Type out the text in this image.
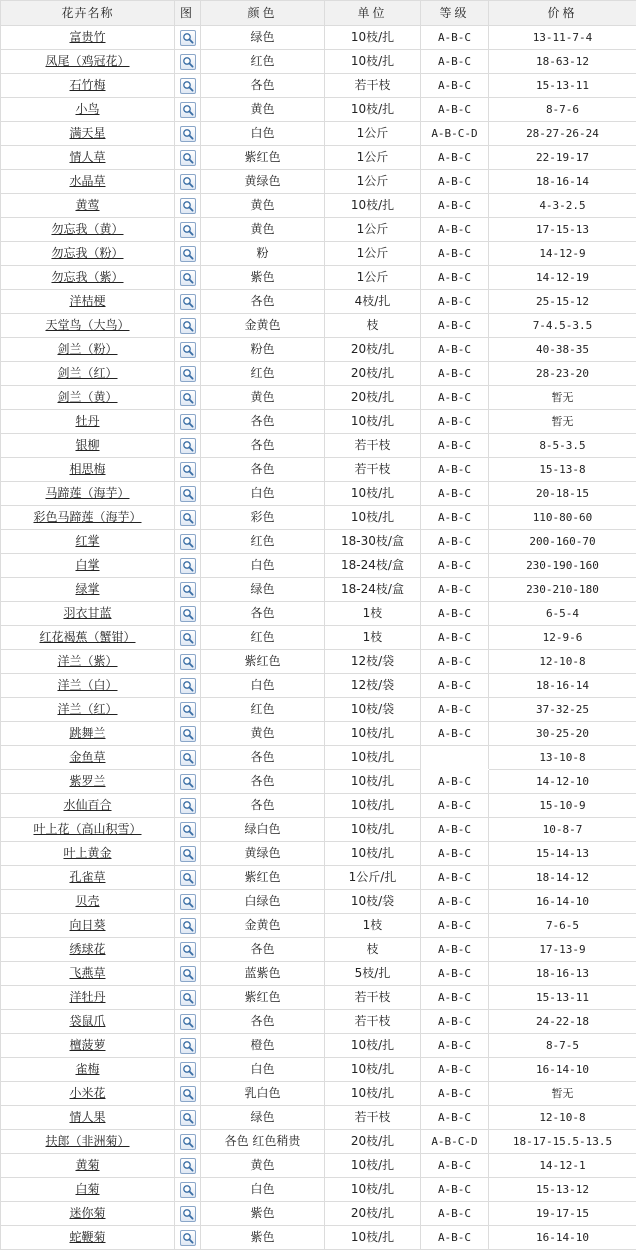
花卉名称	图	颜色	单位	等级	价格
富贵竹		绿色	10枝/扎	A-B-C	13-11-7-4
凤尾（鸡冠花）		红色	10枝/扎	A-B-C	18-63-12
石竹梅		各色	若干枝	A-B-C	15-13-11
小鸟		黄色	10枝/扎	A-B-C	8-7-6
满天星		白色	1公斤	A-B-C-D	28-27-26-24
情人草		紫红色	1公斤	A-B-C	22-19-17
水晶草		黄绿色	1公斤	A-B-C	18-16-14
黄莺		黄色	10枝/扎	A-B-C	4-3-2.5
勿忘我（黄）		黄色	1公斤	A-B-C	17-15-13
勿忘我（粉）		粉	1公斤	A-B-C	14-12-9
勿忘我（紫）		紫色	1公斤	A-B-C	14-12-19
洋桔梗		各色	4枝/扎	A-B-C	25-15-12
天堂鸟（大鸟）		金黄色	枝	A-B-C	7-4.5-3.5
剑兰（粉）		粉色	20枝/扎	A-B-C	40-38-35
剑兰（红）		红色	20枝/扎	A-B-C	28-23-20
剑兰（黄）		黄色	20枝/扎	A-B-C	暂无
牡丹		各色	10枝/扎	A-B-C	暂无
银柳		各色	若干枝	A-B-C	8-5-3.5
相思梅		各色	若干枝	A-B-C	15-13-8
马蹄莲（海芋）		白色	10枝/扎	A-B-C	20-18-15
彩色马蹄莲（海芋）		彩色	10枝/扎	A-B-C	110-80-60
红掌		红色	18-30枝/盒	A-B-C	200-160-70
白掌		白色	18-24枝/盒	A-B-C	230-190-160
绿掌		绿色	18-24枝/盒	A-B-C	230-210-180
羽衣甘蓝		各色	1枝	A-B-C	6-5-4
红花褐蕉（蟹钳）		红色	1枝	A-B-C	12-9-6
洋兰（紫）		紫红色	12枝/袋	A-B-C	12-10-8
洋兰（白）		白色	12枝/袋	A-B-C	18-16-14
洋兰（红）		红色	10枝/袋	A-B-C	37-32-25
跳舞兰		黄色	10枝/扎	A-B-C	30-25-20
金鱼草		各色	10枝/扎		13-10-8
紫罗兰		各色	10枝/扎	A-B-C	14-12-10
水仙百合		各色	10枝/扎	A-B-C	15-10-9
叶上花（高山积雪）		绿白色	10枝/扎	A-B-C	10-8-7
叶上黄金		黄绿色	10枝/扎	A-B-C	15-14-13
孔雀草		紫红色	1公斤/扎	A-B-C	18-14-12
贝壳		白绿色	10枝/袋	A-B-C	16-14-10
向日葵		金黄色	1枝	A-B-C	7-6-5
绣球花		各色	枝	A-B-C	17-13-9
飞燕草		蓝紫色	5枝/扎	A-B-C	18-16-13
洋牡丹		紫红色	若干枝	A-B-C	15-13-11
袋鼠爪		各色	若干枝	A-B-C	24-22-18
檀菠萝		橙色	10枝/扎	A-B-C	8-7-5
雀梅		白色	10枝/扎	A-B-C	16-14-10
小米花		乳白色	10枝/扎	A-B-C	暂无
情人果		绿色	若干枝	A-B-C	12-10-8
扶郎（非洲菊）		各色 红色稍贵	20枝/扎	A-B-C-D	18-17-15.5-13.5
黄菊		黄色	10枝/扎	A-B-C	14-12-1
白菊		白色	10枝/扎	A-B-C	15-13-12
迷你菊		紫色	20枝/扎	A-B-C	19-17-15
蛇鞭菊		紫色	10枝/扎	A-B-C	16-14-10
